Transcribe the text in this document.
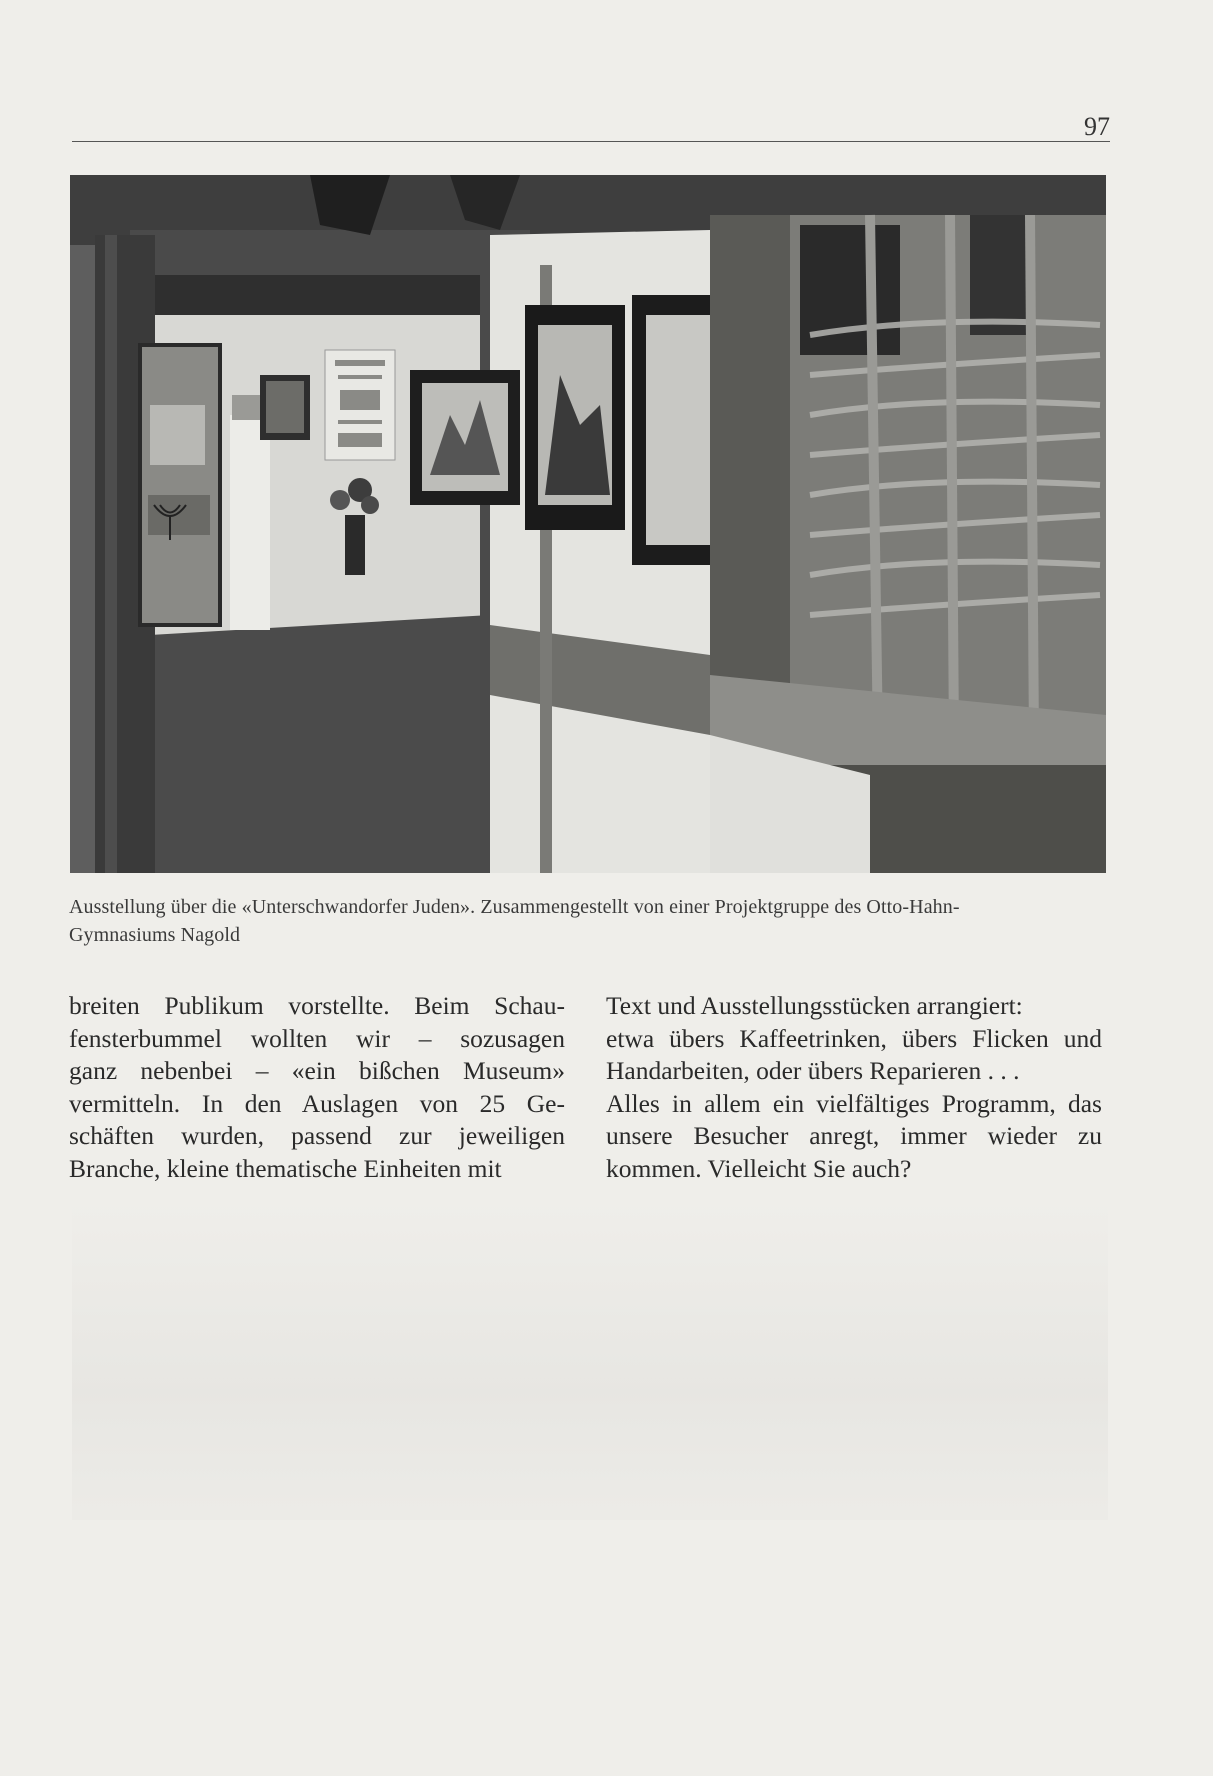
97
Ausstellung über die «Unterschwandorfer Juden». Zusammengestellt von einer Projektgruppe des Otto-Hahn-
Gymnasiums Nagold

breiten Publikum vorstellte. Beim Schau-

fensterbummel wollten wir – sozusagen

ganz nebenbei – «ein bißchen Museum»

vermitteln. In den Auslagen von 25 Ge-

schäften wurden, passend zur jeweiligen

Branche, kleine thematische Einheiten mit

Text und Ausstellungsstücken arrangiert:

etwa übers Kaffeetrinken, übers Flicken und

Handarbeiten, oder übers Reparieren . . .

Alles in allem ein vielfältiges Programm, das

unsere Besucher anregt, immer wieder zu

kommen. Vielleicht Sie auch?
